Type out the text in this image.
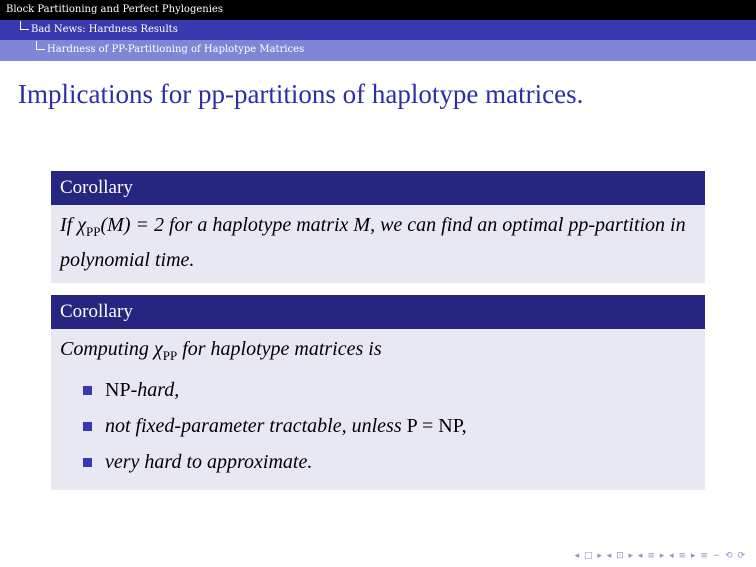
Block Partitioning and Perfect Phylogenies
Bad News: Hardness Results
Hardness of PP-Partitioning of Haplotype Matrices
Implications for pp-partitions of haplotype matrices.
Corollary
If $\chi_{PP}(M) = 2$ for a haplotype matrix M, we can find an optimal pp-partition in polynomial time.
Corollary
Computing $\chi_{PP}$ for haplotype matrices is
NP-hard,
not fixed-parameter tractable, unless P = NP,
very hard to approximate.
◂ □ ▸ ◂ ⊡ ▸ ◂ ≡ ▸ ◂ ≡ ▸ ≡ ∽ ⟲ ⟳
